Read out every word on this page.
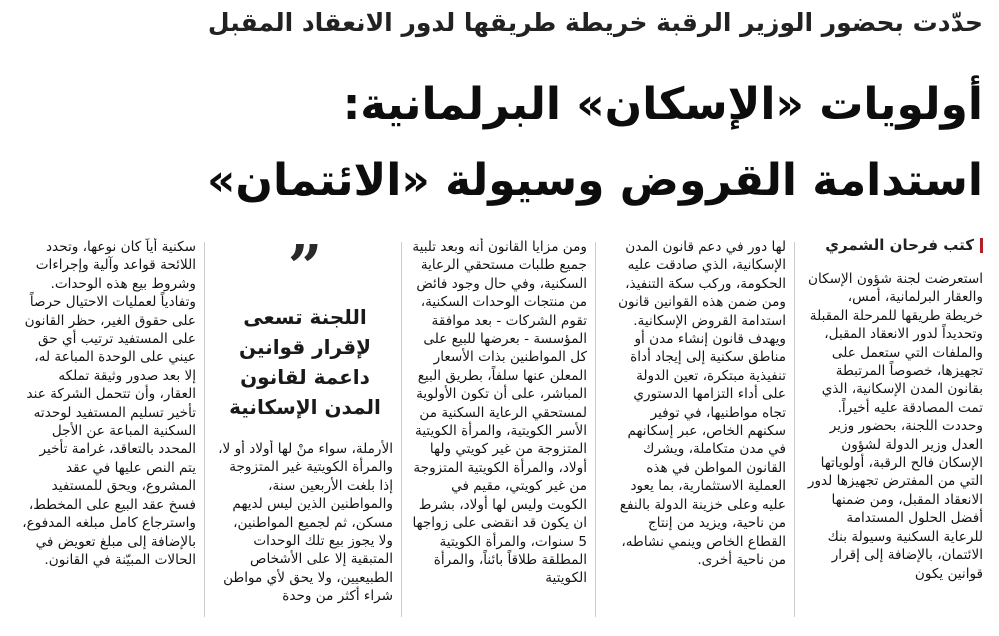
حدّدت بحضور الوزير الرقبة خريطة طريقها لدور الانعقاد المقبل
أولويات «الإسكان» البرلمانية:
استدامة القروض وسيولة «الائتمان»
كتب فرحان الشمري

استعرضت لجنة شؤون الإسكان والعقار البرلمانية، أمس، خريطة طريقها للمرحلة المقبلة وتحديداً لدور الانعقاد المقبل، والملفات التي ستعمل على تجهيزها، خصوصاً المرتبطة بقانون المدن الإسكانية، الذي تمت المصادقة عليه أخيراً. وحددت اللجنة، بحضور وزير العدل وزير الدولة لشؤون الإسكان فالح الرقبة، أولوياتها التي من المفترض تجهيزها لدور الانعقاد المقبل، ومن ضمنها أفضل الحلول المستدامة للرعاية السكنية وسيولة بنك الائتمان، بالإضافة إلى إقرار قوانين يكون

لها دور في دعم قانون المدن الإسكانية، الذي صادقت عليه الحكومة، وركب سكة التنفيذ، ومن ضمن هذه القوانين قانون استدامة القروض الإسكانية. ويهدف قانون إنشاء مدن أو مناطق سكنية إلى إيجاد أداة تنفيذية مبتكرة، تعين الدولة على أداء التزامها الدستوري تجاه مواطنيها، في توفير سكنهم الخاص، عبر إسكانهم في مدن متكاملة، ويشرك القانون المواطن في هذه العملية الاستثمارية، بما يعود عليه وعلى خزينة الدولة بالنفع من ناحية، ويزيد من إنتاج القطاع الخاص وينمي نشاطه، من ناحية أخرى.

ومن مزايا القانون أنه وبعد تلبية جميع طلبات مستحقي الرعاية السكنية، وفي حال وجود فائض من منتجات الوحدات السكنية، تقوم الشركات - بعد موافقة المؤسسة - بعرضها للبيع على كل المواطنين بذات الأسعار المعلن عنها سلفاً، بطريق البيع المباشر، على أن تكون الأولوية لمستحقي الرعاية السكنية من الأسر الكويتية، والمرأة الكويتية المتزوجة من غير كويتي ولها أولاد، والمرأة الكويتية المتزوجة من غير كويتي، مقيم في الكويت وليس لها أولاد، بشرط ان يكون قد انقضى على زواجها 5 سنوات، والمرأة الكويتية المطلقة طلاقاً بائناً، والمرأة الكويتية

”
اللجنة تسعى لإقرار قوانين داعمة لقانون المدن الإسكانية

الأرملة، سواء منْ لها أولاد أو لا، والمرأة الكويتية غير المتزوجة إذا بلغت الأربعين سنة، والمواطنين الذين ليس لديهم مسكن، ثم لجميع المواطنين، ولا يجوز بيع تلك الوحدات المتبقية إلا على الأشخاص الطبيعيين، ولا يحق لأي مواطن شراء أكثر من وحدة

سكنية أياً كان نوعها، وتحدد اللائحة قواعد وآلية وإجراءات وشروط بيع هذه الوحدات. وتفادياً لعمليات الاحتيال حرصاً على حقوق الغير، حظر القانون على المستفيد ترتيب أي حق عيني على الوحدة المباعة له، إلا بعد صدور وثيقة تملكه العقار، وأن تتحمل الشركة عند تأخير تسليم المستفيد لوحدته السكنية المباعة عن الأجل المحدد بالتعاقد، غرامة تأخير يتم النص عليها في عقد المشروع، ويحق للمستفيد فسخ عقد البيع على المخطط، واسترجاع كامل مبلغه المدفوع، بالإضافة إلى مبلغ تعويض في الحالات المبيّنة في القانون.
